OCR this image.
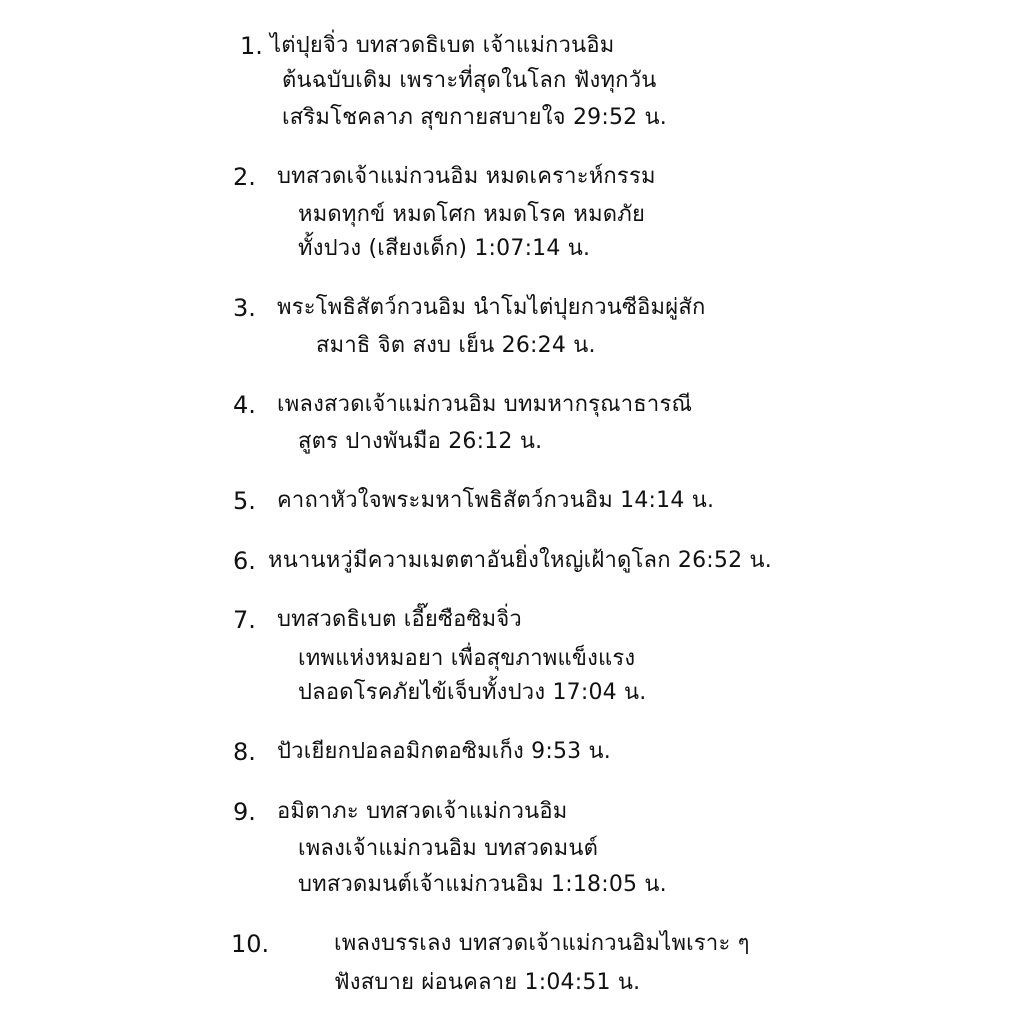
1. ไต่ปุยจิ่ว บทสวดธิเบต เจ้าแม่กวนอิม
ต้นฉบับเดิม เพราะที่สุดในโลก ฟังทุกวัน
เสริมโชคลาภ สุขกายสบายใจ 29:52 น.
2. บทสวดเจ้าแม่กวนอิม หมดเคราะห์กรรม
หมดทุกข์ หมดโศก หมดโรค หมดภัย
ทั้งปวง (เสียงเด็ก) 1:07:14 น.
3. พระโพธิสัตว์กวนอิม นำโมไต่ปุยกวนซีอิมผู่สัก
สมาธิ จิต สงบ เย็น 26:24 น.
4. เพลงสวดเจ้าแม่กวนอิม บทมหากรุณาธารณี
สูตร ปางพันมือ 26:12 น.
5. คาถาหัวใจพระมหาโพธิสัตว์กวนอิม 14:14 น.
6. หนานหวู่มีความเมตตาอันยิ่งใหญ่เฝ้าดูโลก 26:52 น.
7. บทสวดธิเบต เอี๊ยซือซิมจิ่ว
เทพแห่งหมอยา เพื่อสุขภาพแข็งแรง
ปลอดโรคภัยไข้เจ็บทั้งปวง 17:04 น.
8. ปัวเยียกปอลอมิกตอซิมเก็ง 9:53 น.
9. อมิตาภะ บทสวดเจ้าแม่กวนอิม
เพลงเจ้าแม่กวนอิม บทสวดมนต์
บทสวดมนต์เจ้าแม่กวนอิม 1:18:05 น.
10.	เพลงบรรเลง บทสวดเจ้าแม่กวนอิมไพเราะ ๆ
ฟังสบาย ผ่อนคลาย 1:04:51 น.
